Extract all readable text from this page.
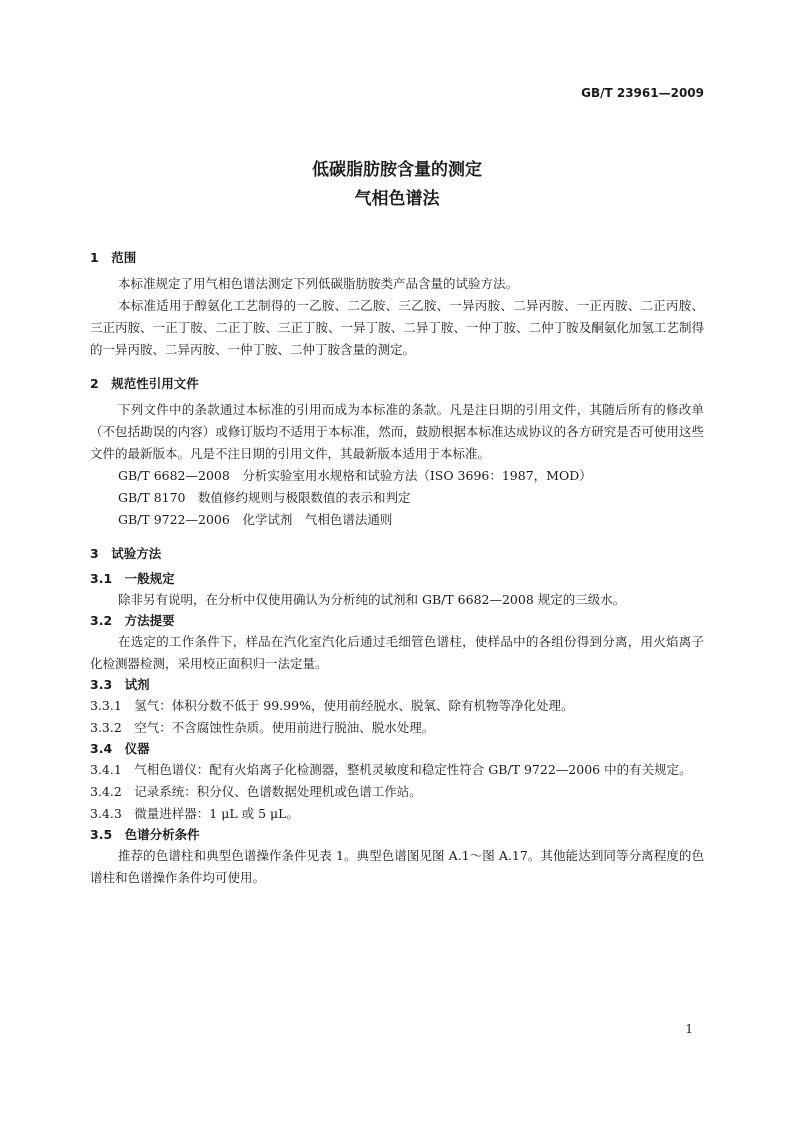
GB/T 23961—2009
低碳脂肪胺含量的测定
气相色谱法

1　范围

本标准规定了用气相色谱法测定下列低碳脂肪胺类产品含量的试验方法。

本标准适用于醇氨化工艺制得的一乙胺、二乙胺、三乙胺、一异丙胺、二异丙胺、一正丙胺、二正丙胺、三正丙胺、一正丁胺、二正丁胺、三正丁胺、一异丁胺、二异丁胺、一仲丁胺、二仲丁胺及酮氨化加氢工艺制得的一异丙胺、二异丙胺、一仲丁胺、二仲丁胺含量的测定。

2　规范性引用文件

下列文件中的条款通过本标准的引用而成为本标准的条款。凡是注日期的引用文件，其随后所有的修改单（不包括勘误的内容）或修订版均不适用于本标准，然而，鼓励根据本标准达成协议的各方研究是否可使用这些文件的最新版本。凡是不注日期的引用文件，其最新版本适用于本标准。

GB/T 6682—2008　分析实验室用水规格和试验方法（ISO 3696：1987，MOD）

GB/T 8170　数值修约规则与极限数值的表示和判定

GB/T 9722—2006　化学试剂　气相色谱法通则

3　试验方法

3.1　一般规定

除非另有说明，在分析中仅使用确认为分析纯的试剂和 GB/T 6682—2008 规定的三级水。

3.2　方法提要

在选定的工作条件下，样品在汽化室汽化后通过毛细管色谱柱，使样品中的各组份得到分离，用火焰离子化检测器检测，采用校正面积归一法定量。

3.3　试剂

3.3.1　氢气：体积分数不低于 99.99%，使用前经脱水、脱氧、除有机物等净化处理。

3.3.2　空气：不含腐蚀性杂质。使用前进行脱油、脱水处理。

3.4　仪器

3.4.1　气相色谱仪：配有火焰离子化检测器，整机灵敏度和稳定性符合 GB/T 9722—2006 中的有关规定。

3.4.2　记录系统：积分仪、色谱数据处理机或色谱工作站。

3.4.3　微量进样器：1 μL 或 5 μL。

3.5　色谱分析条件

推荐的色谱柱和典型色谱操作条件见表 1。典型色谱图见图 A.1～图 A.17。其他能达到同等分离程度的色谱柱和色谱操作条件均可使用。

1
